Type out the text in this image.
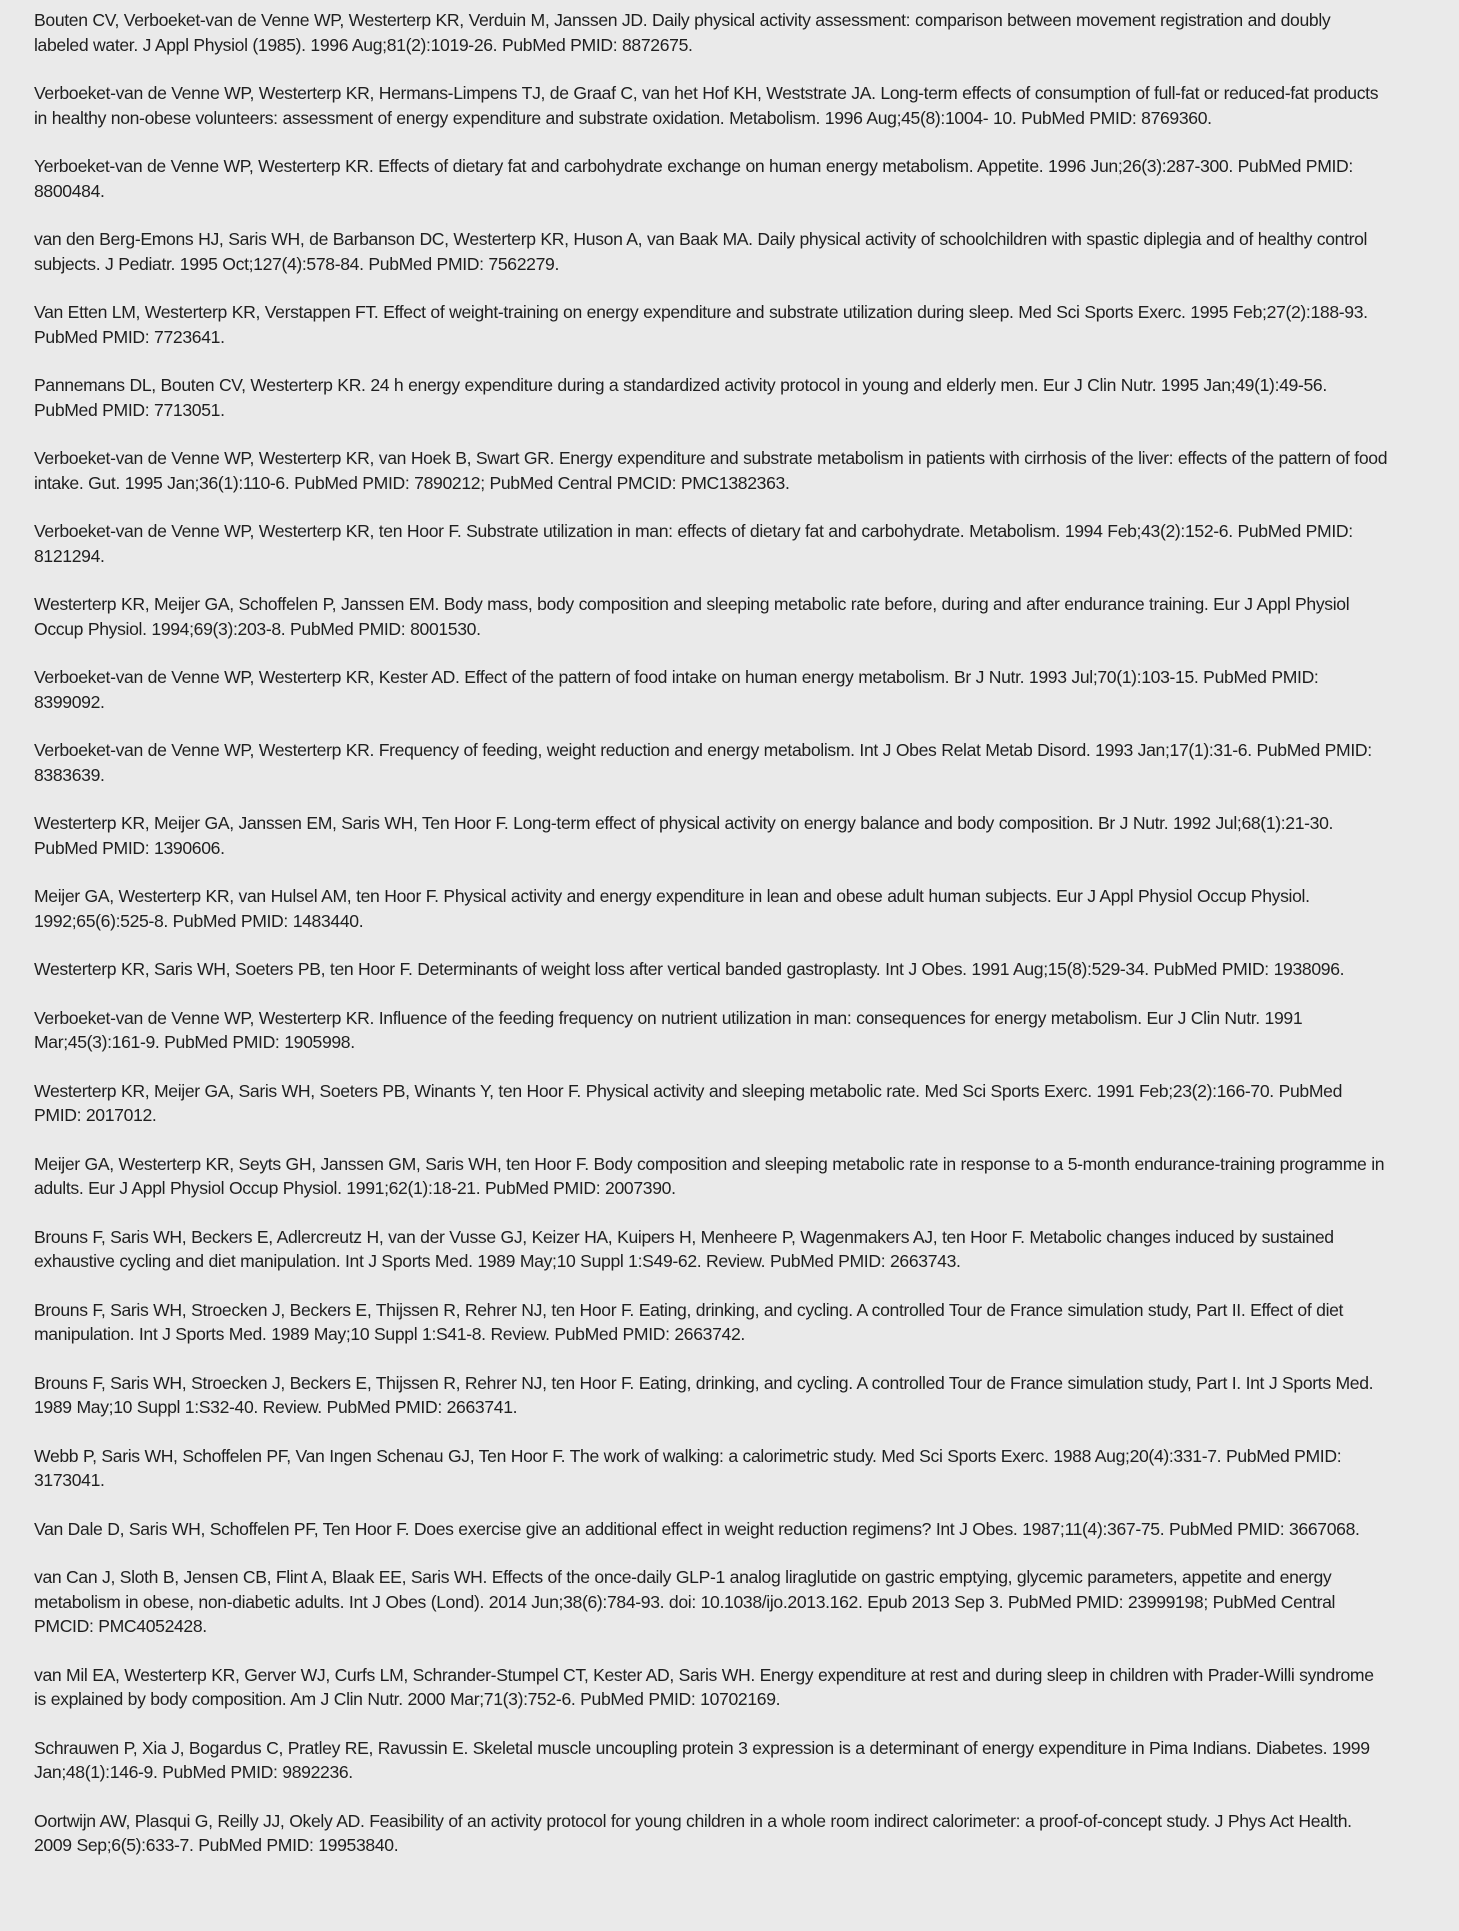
Bouten CV, Verboeket-van de Venne WP, Westerterp KR, Verduin M, Janssen JD. Daily physical activity assessment: comparison between movement registration and doubly labeled water. J Appl Physiol (1985). 1996 Aug;81(2):1019-26. PubMed PMID: 8872675.
Verboeket-van de Venne WP, Westerterp KR, Hermans-Limpens TJ, de Graaf C, van het Hof KH, Weststrate JA. Long-term effects of consumption of full-fat or reduced-fat products in healthy non-obese volunteers: assessment of energy expenditure and substrate oxidation. Metabolism. 1996 Aug;45(8):1004- 10. PubMed PMID: 8769360.
Yerboeket-van de Venne WP, Westerterp KR. Effects of dietary fat and carbohydrate exchange on human energy metabolism. Appetite. 1996 Jun;26(3):287-300. PubMed PMID: 8800484.
van den Berg-Emons HJ, Saris WH, de Barbanson DC, Westerterp KR, Huson A, van Baak MA. Daily physical activity of schoolchildren with spastic diplegia and of healthy control subjects. J Pediatr. 1995 Oct;127(4):578-84. PubMed PMID: 7562279.
Van Etten LM, Westerterp KR, Verstappen FT. Effect of weight-training on energy expenditure and substrate utilization during sleep. Med Sci Sports Exerc. 1995 Feb;27(2):188-93. PubMed PMID: 7723641.
Pannemans DL, Bouten CV, Westerterp KR. 24 h energy expenditure during a standardized activity protocol in young and elderly men. Eur J Clin Nutr. 1995 Jan;49(1):49-56. PubMed PMID: 7713051.
Verboeket-van de Venne WP, Westerterp KR, van Hoek B, Swart GR. Energy expenditure and substrate metabolism in patients with cirrhosis of the liver: effects of the pattern of food intake. Gut. 1995 Jan;36(1):110-6. PubMed PMID: 7890212; PubMed Central PMCID: PMC1382363.
Verboeket-van de Venne WP, Westerterp KR, ten Hoor F. Substrate utilization in man: effects of dietary fat and carbohydrate. Metabolism. 1994 Feb;43(2):152-6. PubMed PMID: 8121294.
Westerterp KR, Meijer GA, Schoffelen P, Janssen EM. Body mass, body composition and sleeping metabolic rate before, during and after endurance training. Eur J Appl Physiol Occup Physiol. 1994;69(3):203-8. PubMed PMID: 8001530.
Verboeket-van de Venne WP, Westerterp KR, Kester AD. Effect of the pattern of food intake on human energy metabolism. Br J Nutr. 1993 Jul;70(1):103-15. PubMed PMID: 8399092.
Verboeket-van de Venne WP, Westerterp KR. Frequency of feeding, weight reduction and energy metabolism. Int J Obes Relat Metab Disord. 1993 Jan;17(1):31-6. PubMed PMID: 8383639.
Westerterp KR, Meijer GA, Janssen EM, Saris WH, Ten Hoor F. Long-term effect of physical activity on energy balance and body composition. Br J Nutr. 1992 Jul;68(1):21-30. PubMed PMID: 1390606.
Meijer GA, Westerterp KR, van Hulsel AM, ten Hoor F. Physical activity and energy expenditure in lean and obese adult human subjects. Eur J Appl Physiol Occup Physiol. 1992;65(6):525-8. PubMed PMID: 1483440.
Westerterp KR, Saris WH, Soeters PB, ten Hoor F. Determinants of weight loss after vertical banded gastroplasty. Int J Obes. 1991 Aug;15(8):529-34. PubMed PMID: 1938096.
Verboeket-van de Venne WP, Westerterp KR. Influence of the feeding frequency on nutrient utilization in man: consequences for energy metabolism. Eur J Clin Nutr. 1991 Mar;45(3):161-9. PubMed PMID: 1905998.
Westerterp KR, Meijer GA, Saris WH, Soeters PB, Winants Y, ten Hoor F. Physical activity and sleeping metabolic rate. Med Sci Sports Exerc. 1991 Feb;23(2):166-70. PubMed PMID: 2017012.
Meijer GA, Westerterp KR, Seyts GH, Janssen GM, Saris WH, ten Hoor F. Body composition and sleeping metabolic rate in response to a 5-month endurance-training programme in adults. Eur J Appl Physiol Occup Physiol. 1991;62(1):18-21. PubMed PMID: 2007390.
Brouns F, Saris WH, Beckers E, Adlercreutz H, van der Vusse GJ, Keizer HA, Kuipers H, Menheere P, Wagenmakers AJ, ten Hoor F. Metabolic changes induced by sustained exhaustive cycling and diet manipulation. Int J Sports Med. 1989 May;10 Suppl 1:S49-62. Review. PubMed PMID: 2663743.
Brouns F, Saris WH, Stroecken J, Beckers E, Thijssen R, Rehrer NJ, ten Hoor F. Eating, drinking, and cycling. A controlled Tour de France simulation study, Part II. Effect of diet manipulation. Int J Sports Med. 1989 May;10 Suppl 1:S41-8. Review. PubMed PMID: 2663742.
Brouns F, Saris WH, Stroecken J, Beckers E, Thijssen R, Rehrer NJ, ten Hoor F. Eating, drinking, and cycling. A controlled Tour de France simulation study, Part I. Int J Sports Med. 1989 May;10 Suppl 1:S32-40. Review. PubMed PMID: 2663741.
Webb P, Saris WH, Schoffelen PF, Van Ingen Schenau GJ, Ten Hoor F. The work of walking: a calorimetric study. Med Sci Sports Exerc. 1988 Aug;20(4):331-7. PubMed PMID: 3173041.
Van Dale D, Saris WH, Schoffelen PF, Ten Hoor F. Does exercise give an additional effect in weight reduction regimens? Int J Obes. 1987;11(4):367-75. PubMed PMID: 3667068.
van Can J, Sloth B, Jensen CB, Flint A, Blaak EE, Saris WH. Effects of the once-daily GLP-1 analog liraglutide on gastric emptying, glycemic parameters, appetite and energy metabolism in obese, non-diabetic adults. Int J Obes (Lond). 2014 Jun;38(6):784-93. doi: 10.1038/ijo.2013.162. Epub 2013 Sep 3. PubMed PMID: 23999198; PubMed Central PMCID: PMC4052428.
van Mil EA, Westerterp KR, Gerver WJ, Curfs LM, Schrander-Stumpel CT, Kester AD, Saris WH. Energy expenditure at rest and during sleep in children with Prader-Willi syndrome is explained by body composition. Am J Clin Nutr. 2000 Mar;71(3):752-6. PubMed PMID: 10702169.
Schrauwen P, Xia J, Bogardus C, Pratley RE, Ravussin E. Skeletal muscle uncoupling protein 3 expression is a determinant of energy expenditure in Pima Indians. Diabetes. 1999 Jan;48(1):146-9. PubMed PMID: 9892236.
Oortwijn AW, Plasqui G, Reilly JJ, Okely AD. Feasibility of an activity protocol for young children in a whole room indirect calorimeter: a proof-of-concept study. J Phys Act Health. 2009 Sep;6(5):633-7. PubMed PMID: 19953840.
